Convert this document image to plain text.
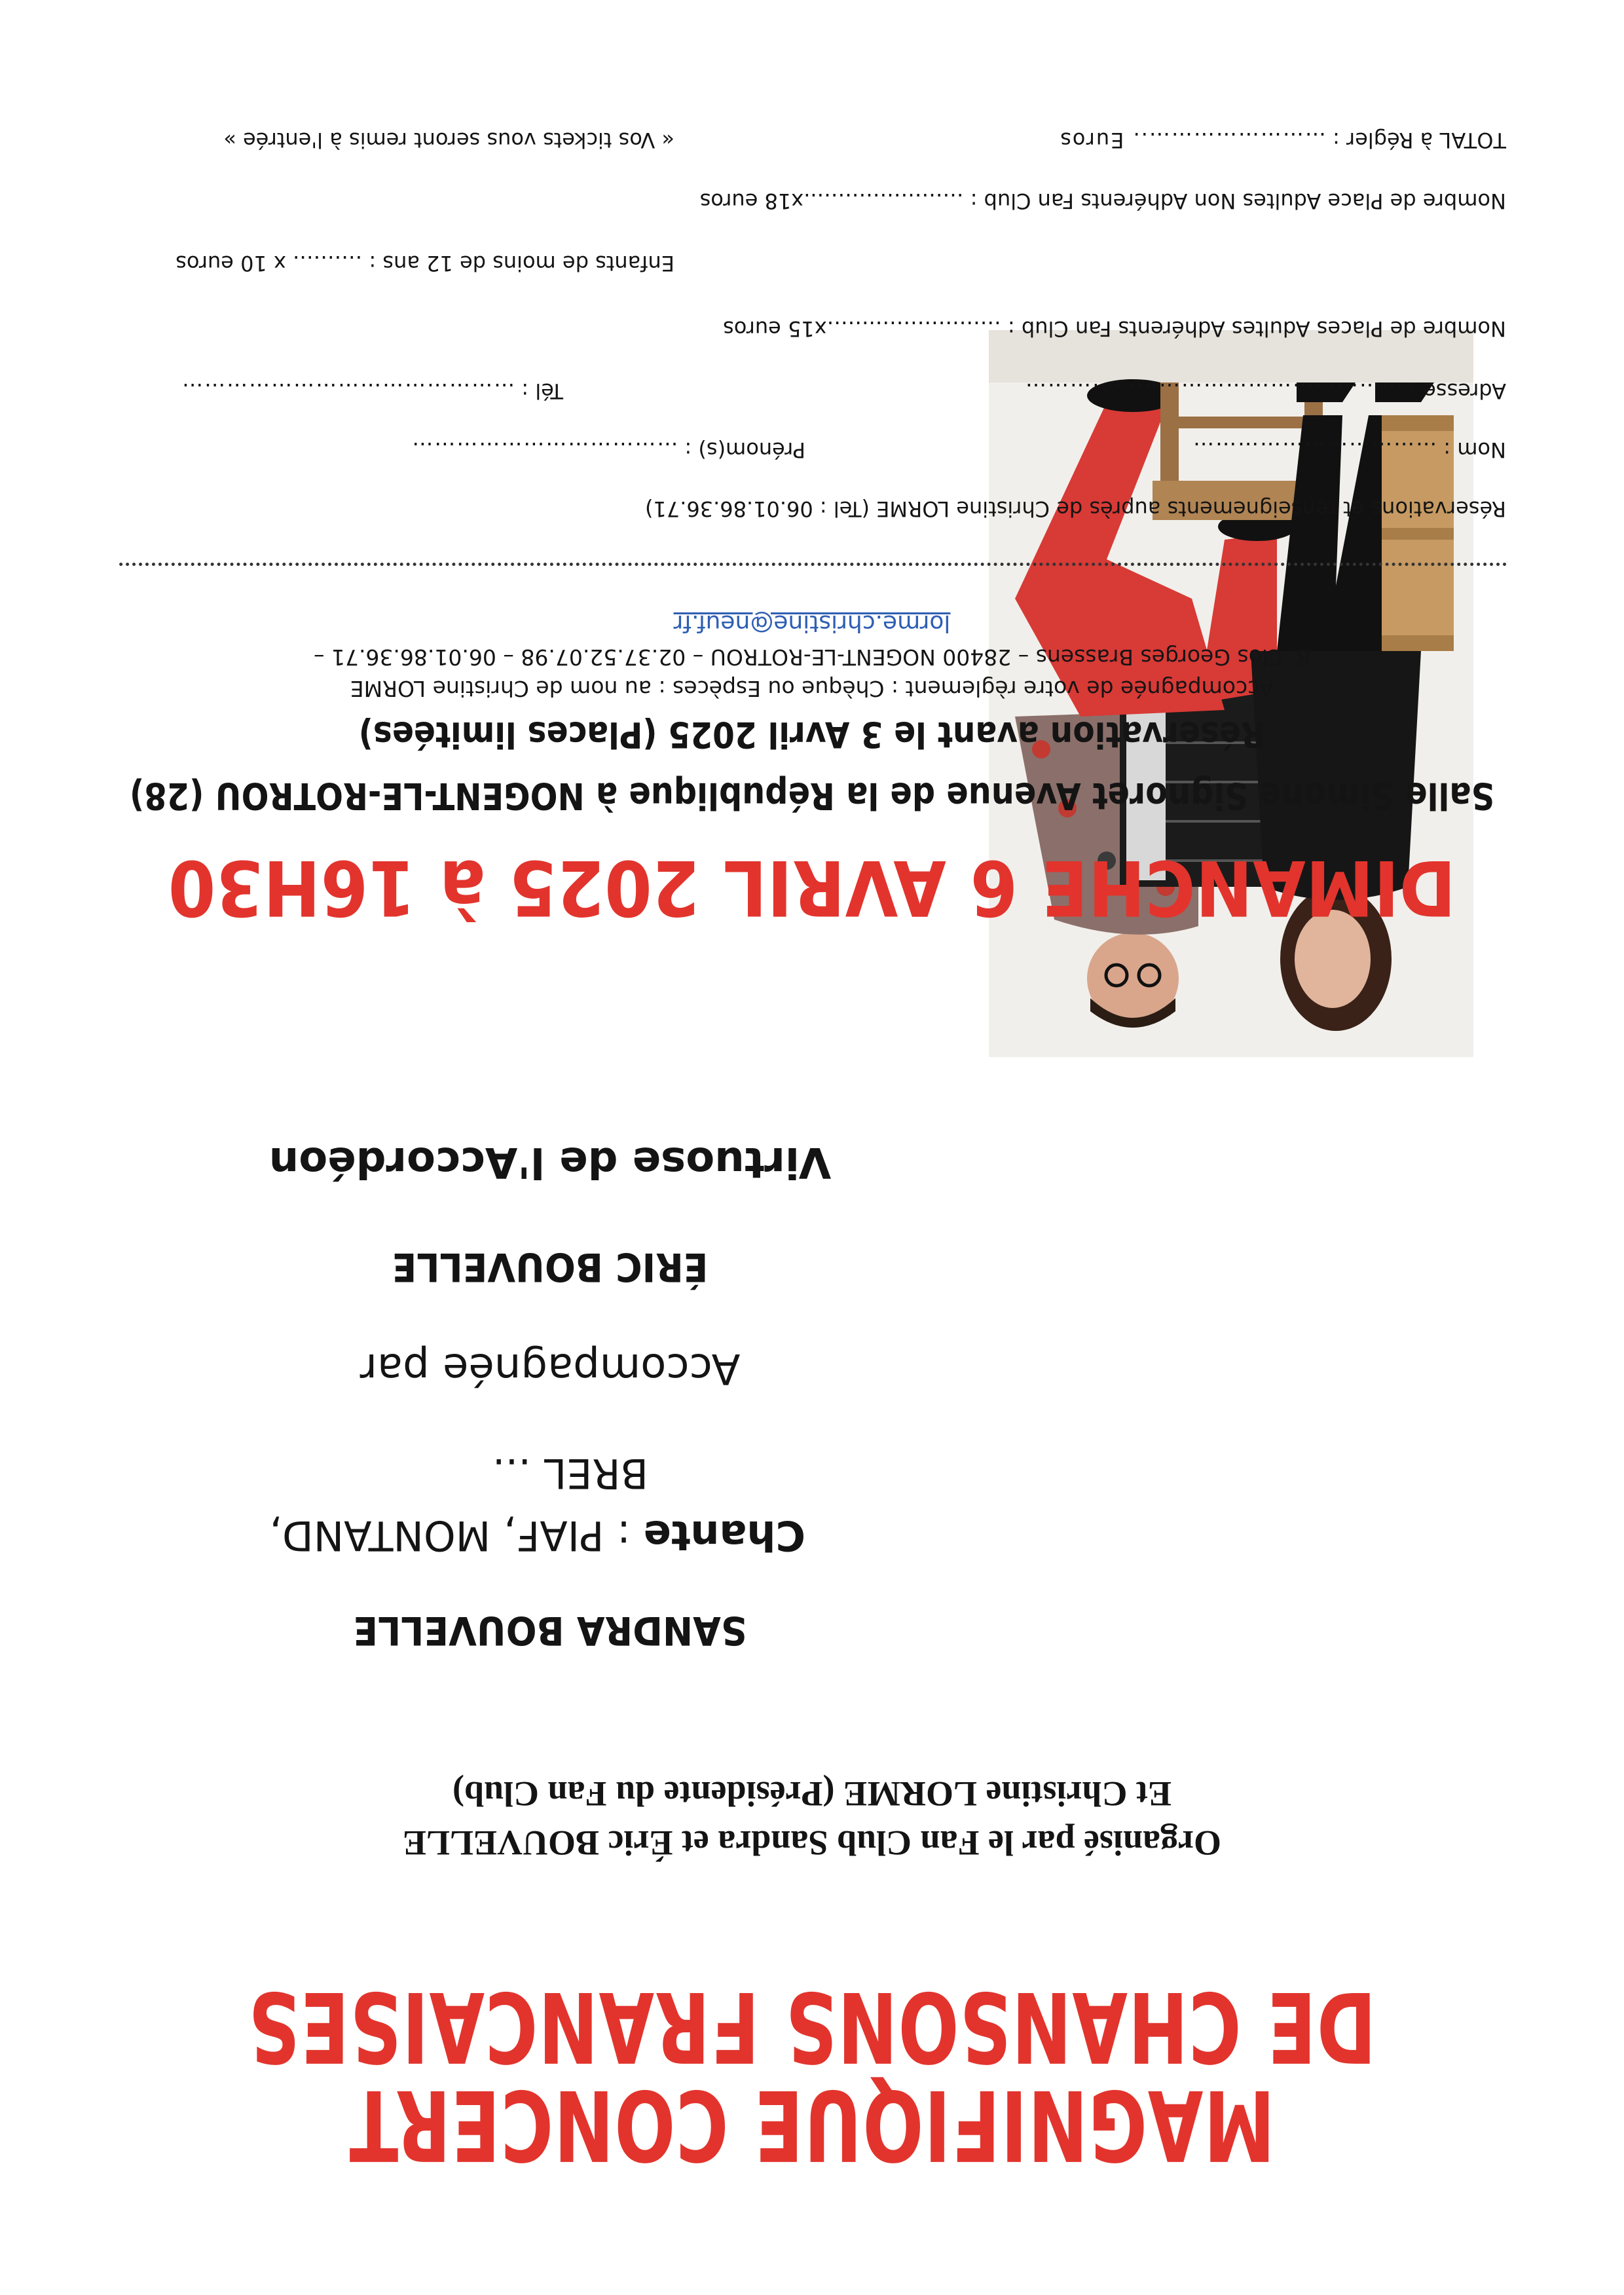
MAGNIFIQUE CONCERT
DE CHANSONS FRANCAISES
Organisé par le Fan Club Sandra et Éric BOUVELLE
Et Christine LORME (Présidente du Fan Club)
SANDRA BOUVELLE
Chante : PIAF, MONTAND,
BREL ...
Accompagnée par
ÉRIC BOUVELLE
Virtuose de l'Accordéon
DIMANCHE 6 AVRIL 2025 à 16H30
Salle Simone Signoret Avenue de la République à NOGENT-LE-ROTROU (28)
Réservation avant le 3 Avril 2025 (Places limitées)
Accompagnée de votre règlement : Chèque ou Espèces : au nom de Christine LORME
8, Clos Georges Brassens – 28400 NOGENT-LE-ROTROU – 02.37.52.07.98 – 06.01.86.36.71 –
lorme.christine@neuf.fr
Réservations et renseignements auprès de Christine LORME (Tel : 06.01.86.36.71)
Nom : ……………………………
Prénom(s) : ………………………………
Adresse : ……………………………………………
Tél : ………………………………………
Nombre de Places Adultes Adhérents Fan Club : ……………….……x15 euros
Enfants de moins de 12 ans : ………. x 10 euros
Nombre de Place Adultes Non Adhérents Fan Club : …………………..x18 euros
TOTAL à Régler : …………………….. Euros
« Vos tickets vous seront remis à l'entrée »
